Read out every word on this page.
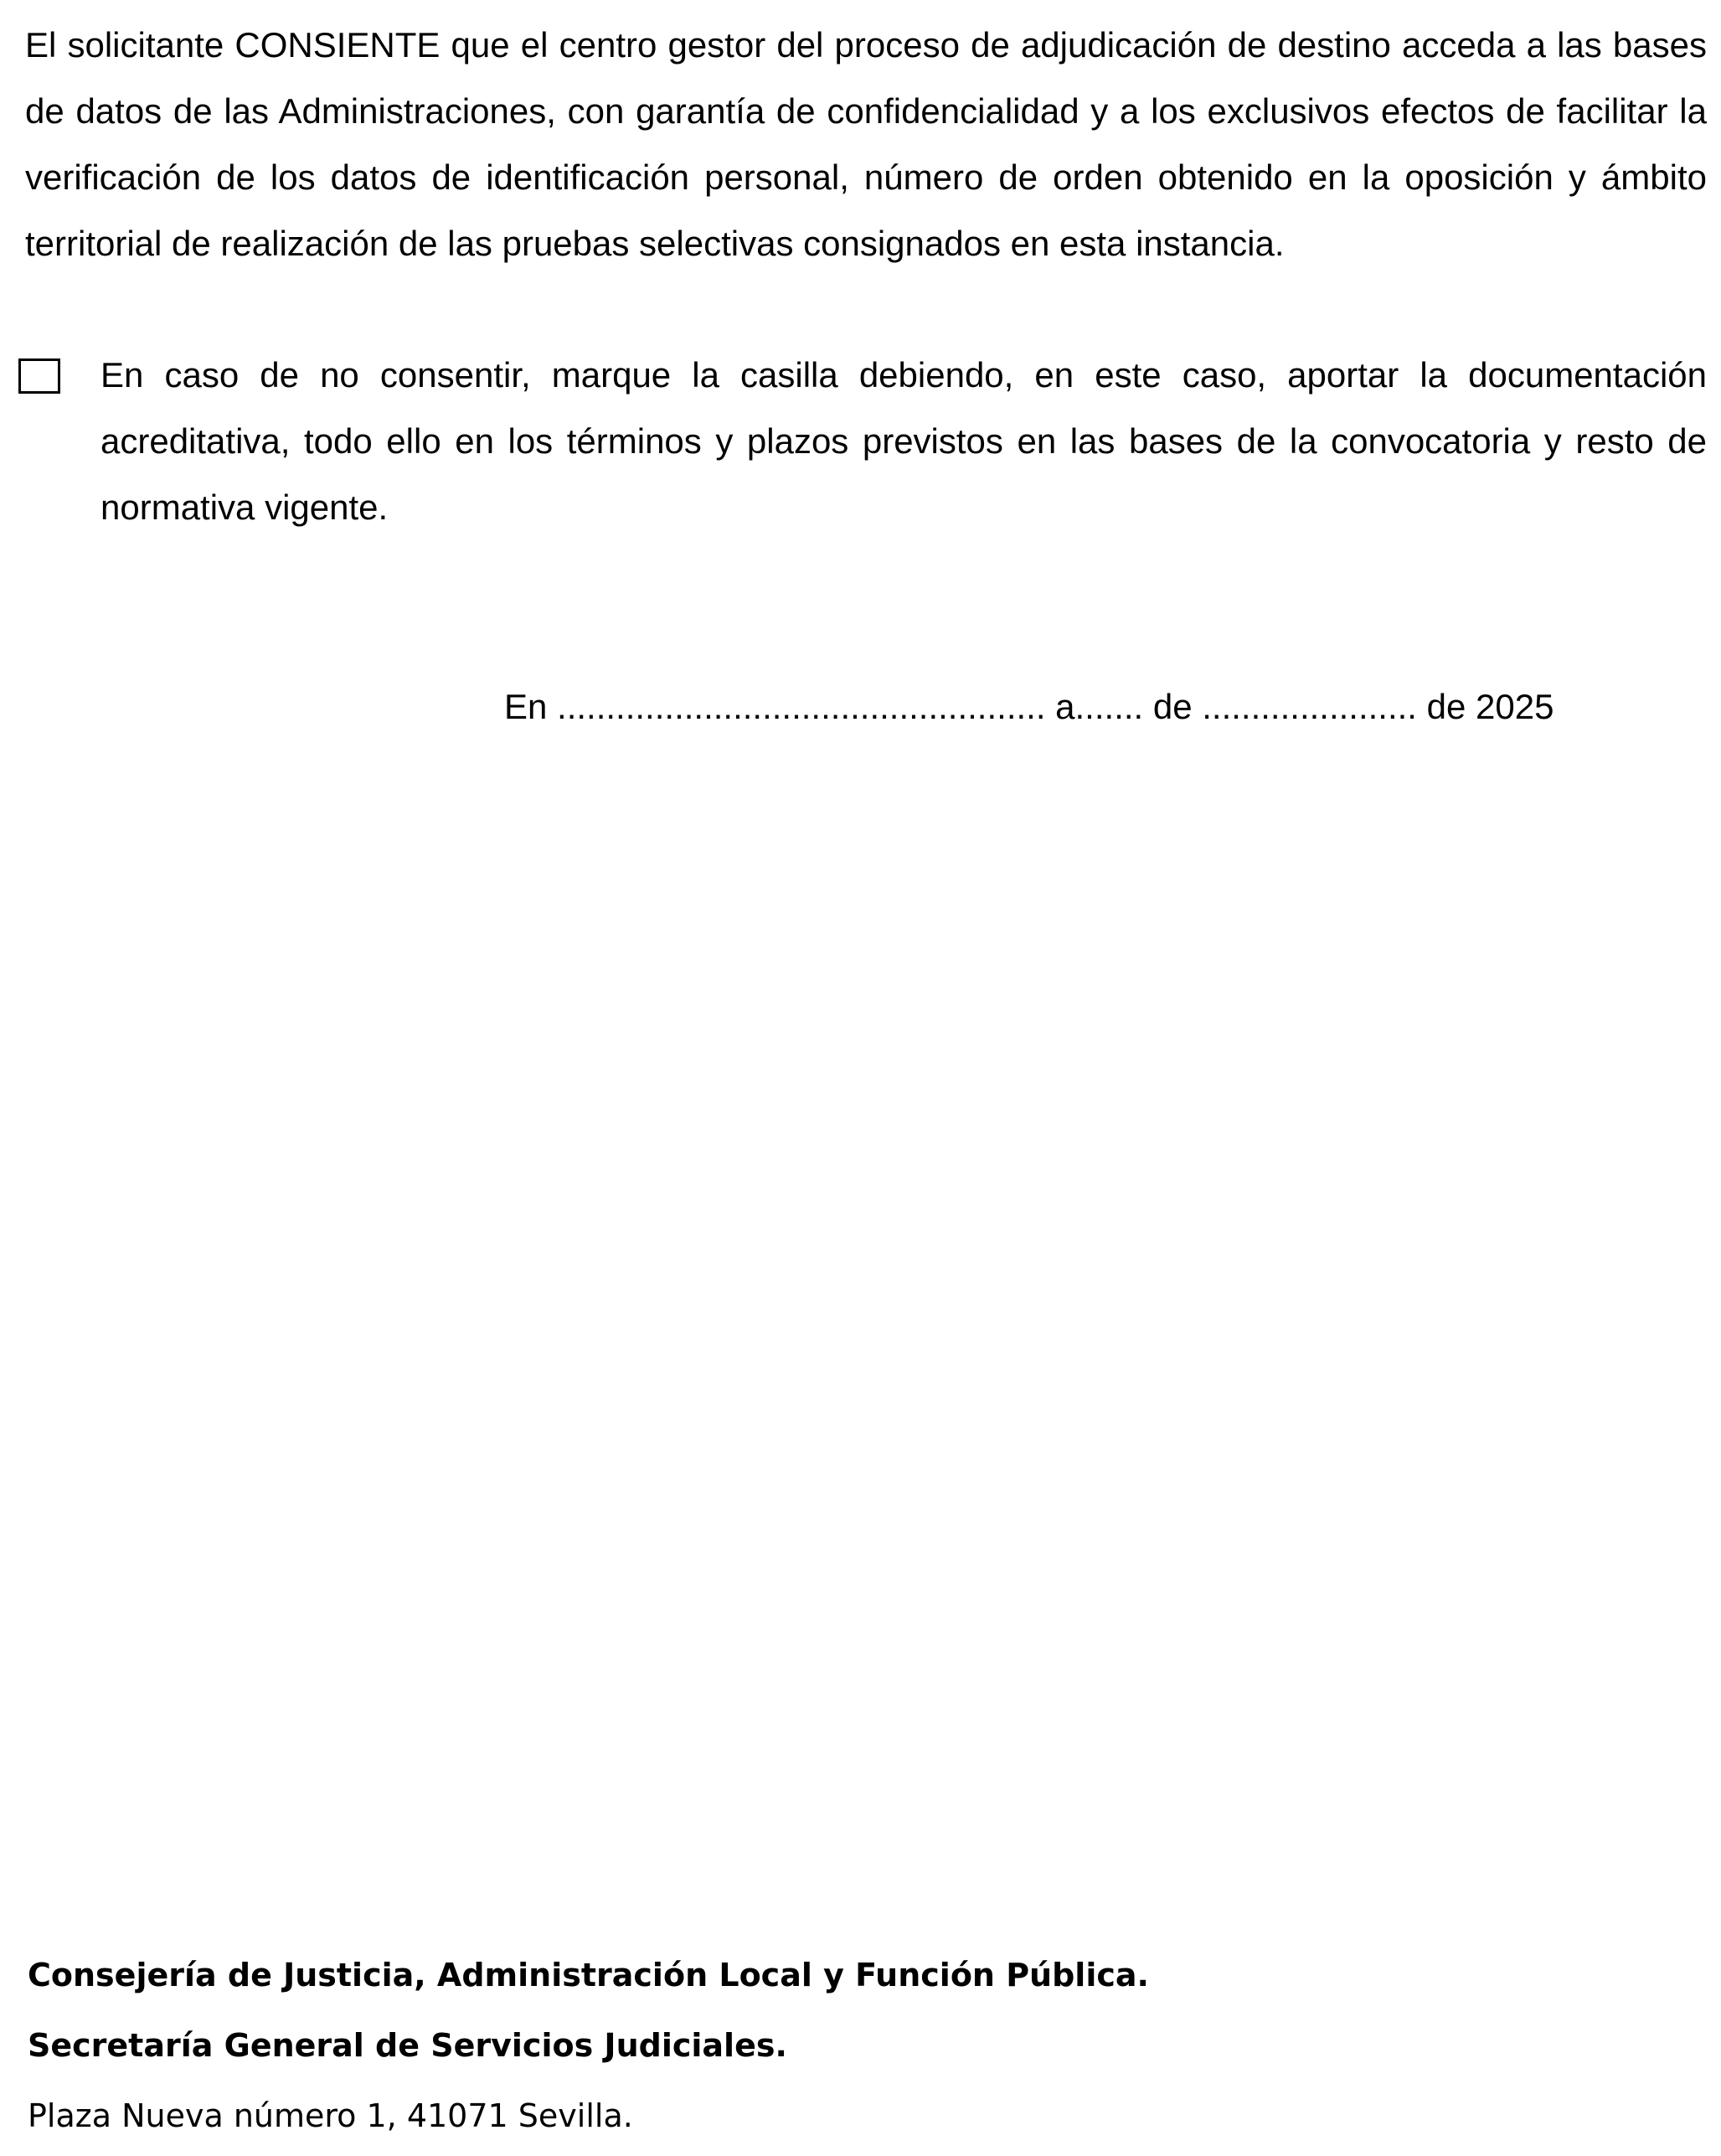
El solicitante CONSIENTE que el centro gestor del proceso de adjudicación de destino acceda a las bases de datos de las Administraciones, con garantía de confidencialidad y a los exclusivos efectos de facilitar la verificación de los datos de identificación personal, número de orden obtenido en la oposición y ámbito territorial de realización de las pruebas selectivas consignados en esta instancia.

En caso de no consentir, marque la casilla debiendo, en este caso, aportar la documentación acreditativa, todo ello en los términos y plazos previstos en las bases de la convocatoria y resto de normativa vigente.

En .................................................. a....... de ...................... de 2025

Consejería de Justicia, Administración Local y Función Pública.
Secretaría General de Servicios Judiciales.
Plaza Nueva número 1, 41071 Sevilla.
